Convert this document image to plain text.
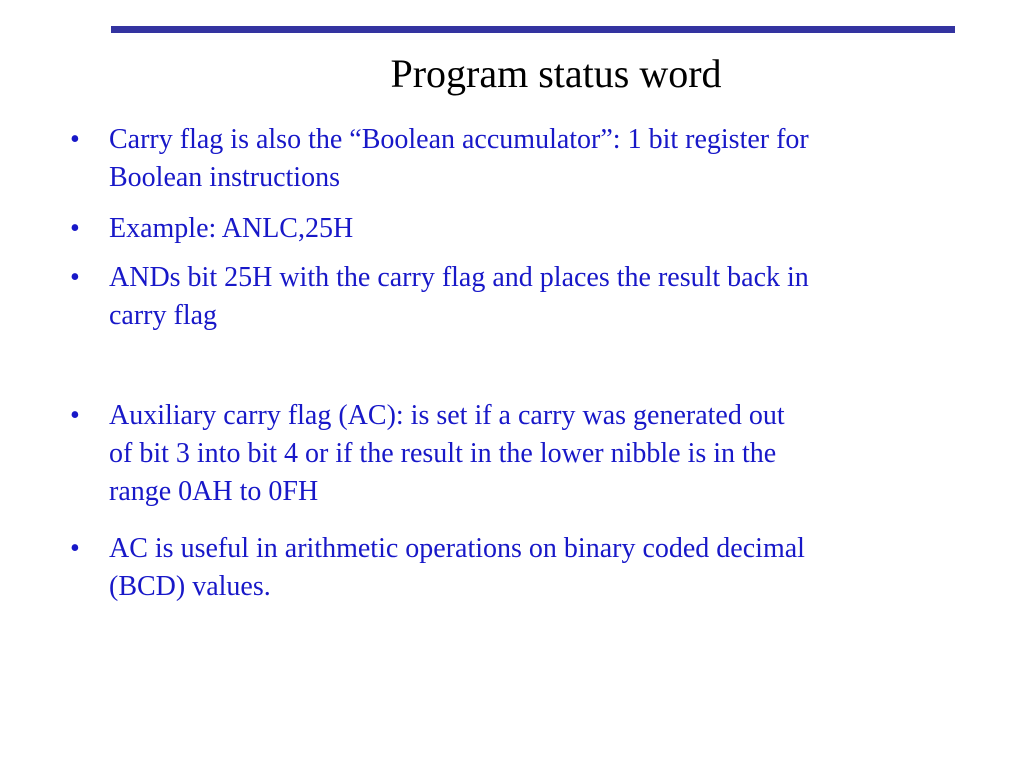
Program status word
•	Carry flag is also the “Boolean accumulator”: 1 bit register for
Boolean instructions
•	Example: ANLC,25H
•	ANDs bit 25H with the carry flag and places the result back in
carry flag
•	Auxiliary carry flag (AC): is set if a carry was generated out
of bit 3 into bit 4 or if the result in the lower nibble is in the
range 0AH to 0FH
•	AC is useful in arithmetic operations on binary coded decimal
(BCD) values.
